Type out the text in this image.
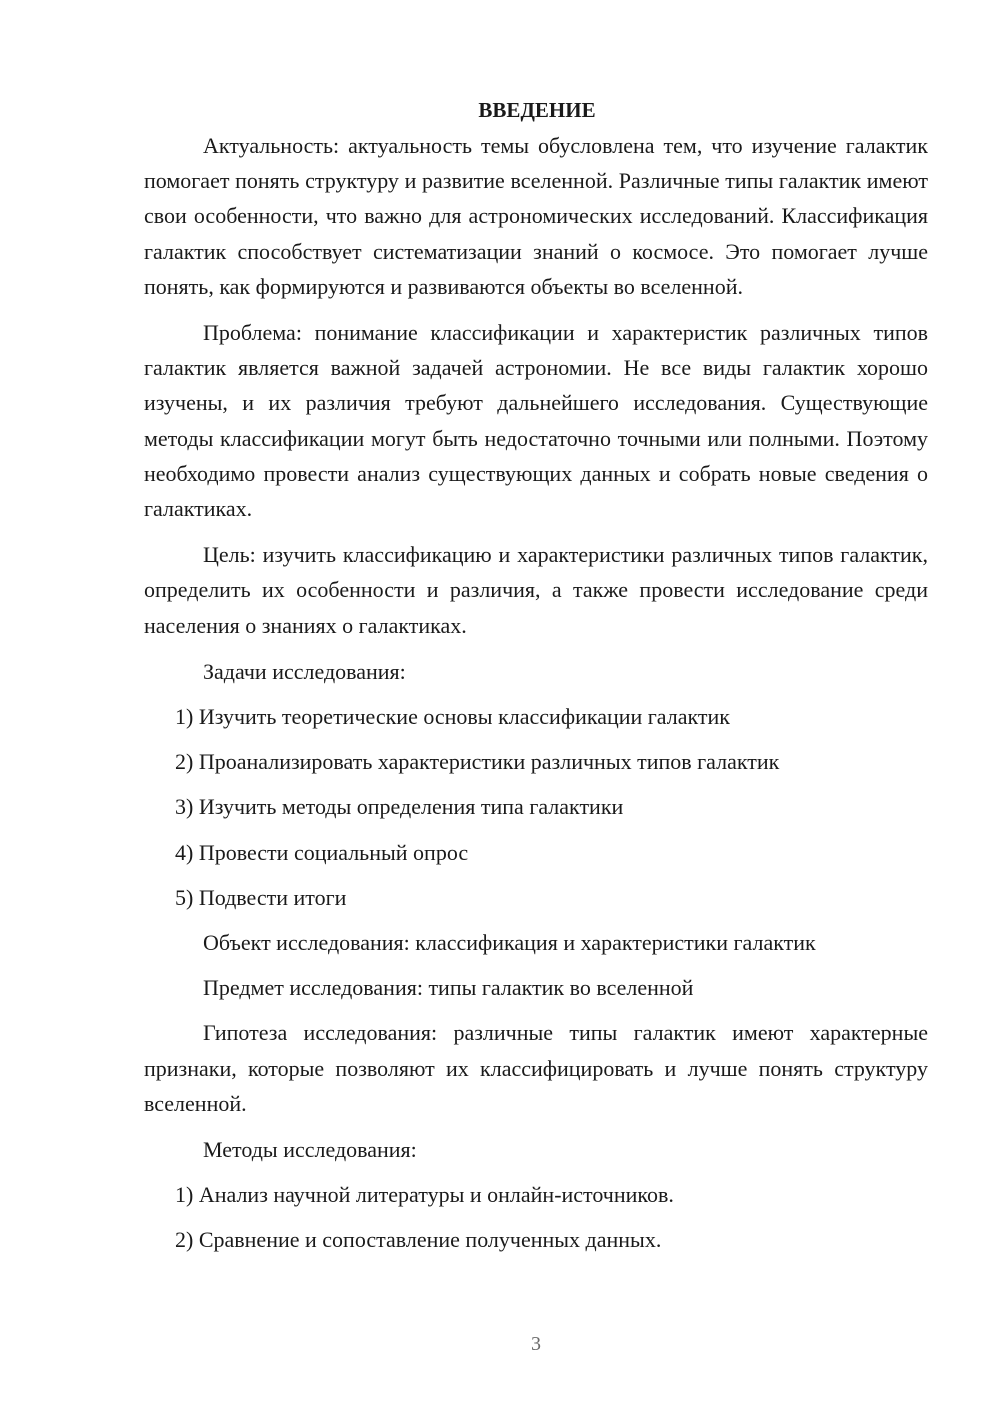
ВВЕДЕНИЕ

Актуальность: актуальность темы обусловлена тем, что изучение галактик помогает понять структуру и развитие вселенной. Различные типы галактик имеют свои особенности, что важно для астрономических исследований. Классификация галактик способствует систематизации знаний о космосе. Это помогает лучше понять, как формируются и развиваются объекты во вселенной.

Проблема: понимание классификации и характеристик различных типов галактик является важной задачей астрономии. Не все виды галактик хорошо изучены, и их различия требуют дальнейшего исследования. Существующие методы классификации могут быть недостаточно точными или полными. Поэтому необходимо провести анализ существующих данных и собрать новые сведения о галактиках.

Цель: изучить классификацию и характеристики различных типов галактик, определить их особенности и различия, а также провести исследование среди населения о знаниях о галактиках.

Задачи исследования:

1) Изучить теоретические основы классификации галактик

2) Проанализировать характеристики различных типов галактик

3) Изучить методы определения типа галактики

4) Провести социальный опрос

5) Подвести итоги

Объект исследования: классификация и характеристики галактик

Предмет исследования: типы галактик во вселенной

Гипотеза исследования: различные типы галактик имеют характерные признаки, которые позволяют их классифицировать и лучше понять структуру вселенной.

Методы исследования:

1) Анализ научной литературы и онлайн-источников.

2) Сравнение и сопоставление полученных данных.

3
